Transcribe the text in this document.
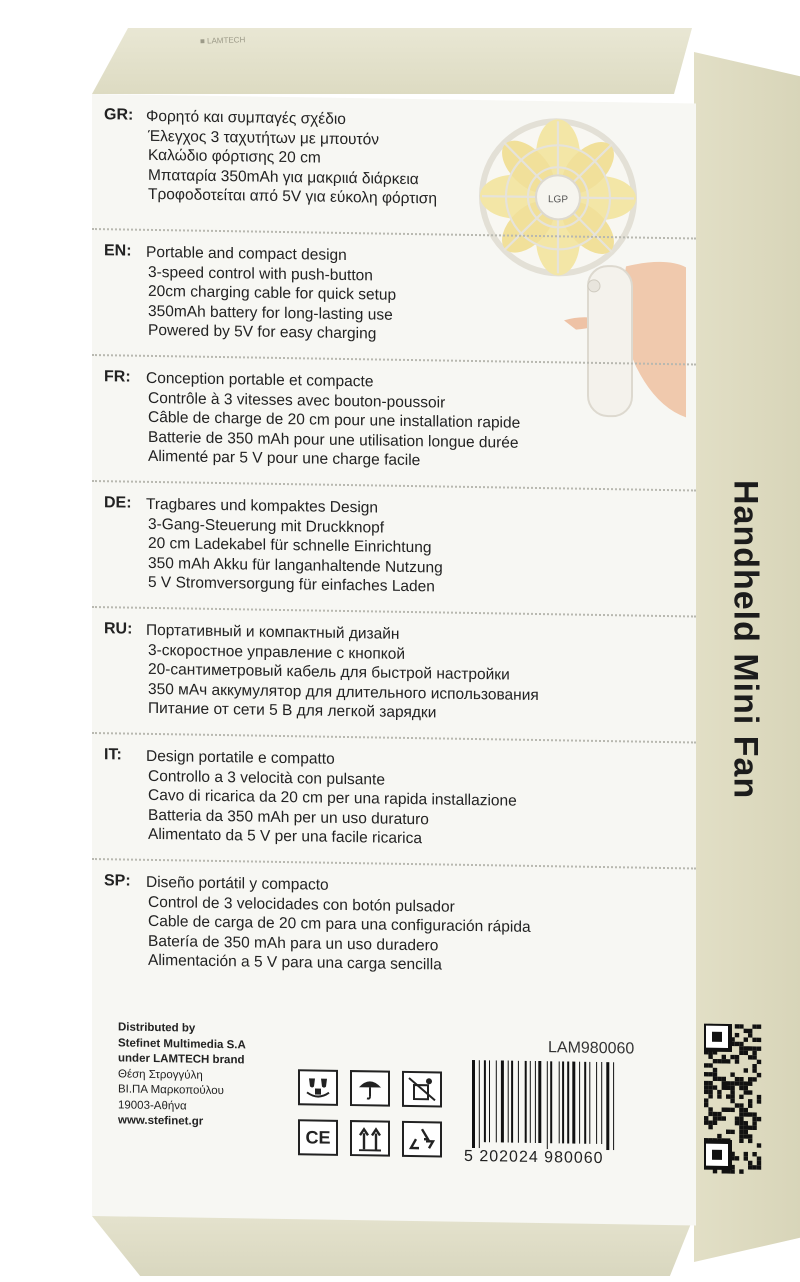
■ LAMTECH
Handheld Mini Fan
LGP
GR: Φορητό και συμπαγές σχέδιο
Έλεγχος 3 ταχυτήτων με μπουτόν
Καλώδιο φόρτισης 20 cm
Μπαταρία 350mAh για μακριιά διάρκεια
Τροφοδοτείται από 5V για εύκολη φόρτιση
EN: Portable and compact design
3-speed control with push-button
20cm charging cable for quick setup
350mAh battery for long-lasting use
Powered by 5V for easy charging
FR: Conception portable et compacte
Contrôle à 3 vitesses avec bouton-poussoir
Câble de charge de 20 cm pour une installation rapide
Batterie de 350 mAh pour une utilisation longue durée
Alimenté par 5 V pour une charge facile
DE: Tragbares und kompaktes Design
3-Gang-Steuerung mit Druckknopf
20 cm Ladekabel für schnelle Einrichtung
350 mAh Akku für langanhaltende Nutzung
5 V Stromversorgung für einfaches Laden
RU: Портативный и компактный дизайн
3-скоростное управление с кнопкой
20-сантиметровый кабель для быстрой настройки
350 мАч аккумулятор для длительного использования
Питание от сети 5 В для легкой зарядки
IT: Design portatile e compatto
Controllo a 3 velocità con pulsante
Cavo di ricarica da 20 cm per una rapida installazione
Batteria da 350 mAh per un uso duraturo
Alimentato da 5 V per una facile ricarica
SP: Diseño portátil y compacto
Control de 3 velocidades con botón pulsador
Cable de carga de 20 cm para una configuración rápida
Batería de 350 mAh para un uso duradero
Alimentación a 5 V para una carga sencilla
Distributed by
Stefinet Multimedia S.A
under LAMTECH brand
Θέση Στρογγύλη
ΒΙ.ΠΑ Μαρκοπούλου
19003-Αθήνα
www.stefinet.gr
LAM980060
CE
5 202024 980060
